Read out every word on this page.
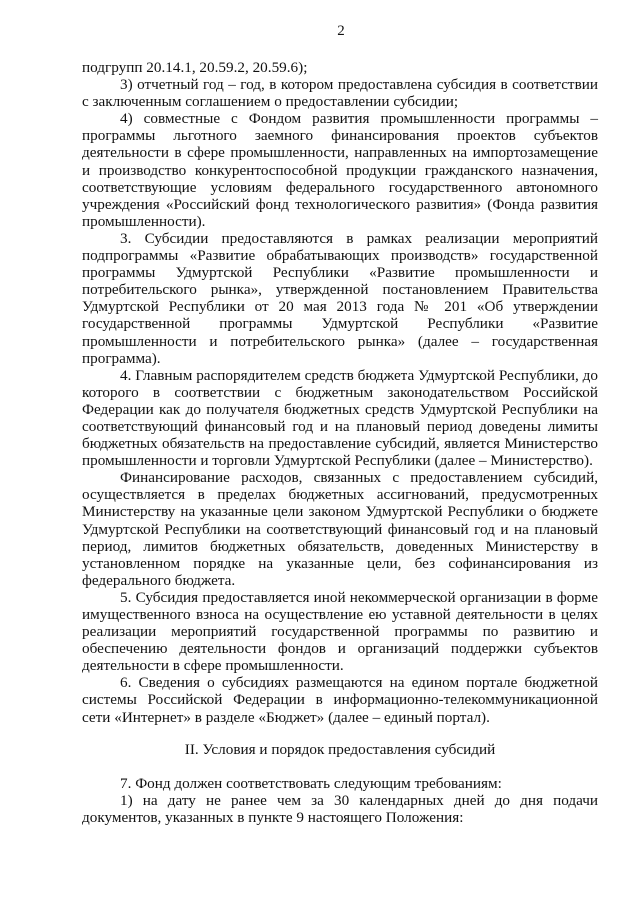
2

подгрупп 20.14.1, 20.59.2, 20.59.6);

3) отчетный год – год, в котором предоставлена субсидия в соответствии с заключенным соглашением о предоставлении субсидии;

4) совместные с Фондом развития промышленности программы – программы льготного заемного финансирования проектов субъектов деятельности в сфере промышленности, направленных на импортозамещение и производство конкурентоспособной продукции гражданского назначения, соответствующие условиям федерального государственного автономного учреждения «Российский фонд технологического развития» (Фонда развития промышленности).

3. Субсидии предоставляются в рамках реализации мероприятий подпрограммы «Развитие обрабатывающих производств» государственной программы Удмуртской Республики «Развитие промышленности и потребительского рынка», утвержденной постановлением Правительства Удмуртской Республики от 20 мая 2013 года № 201 «Об утверждении государственной программы Удмуртской Республики «Развитие промышленности и потребительского рынка» (далее – государственная программа).

4. Главным распорядителем средств бюджета Удмуртской Республики, до которого в соответствии с бюджетным законодательством Российской Федерации как до получателя бюджетных средств Удмуртской Республики на соответствующий финансовый год и на плановый период доведены лимиты бюджетных обязательств на предоставление субсидий, является Министерство промышленности и торговли Удмуртской Республики (далее – Министерство).

Финансирование расходов, связанных с предоставлением субсидий, осуществляется в пределах бюджетных ассигнований, предусмотренных Министерству на указанные цели законом Удмуртской Республики о бюджете Удмуртской Республики на соответствующий финансовый год и на плановый период, лимитов бюджетных обязательств, доведенных Министерству в установленном порядке на указанные цели, без софинансирования из федерального бюджета.

5. Субсидия предоставляется иной некоммерческой организации в форме имущественного взноса на осуществление ею уставной деятельности в целях реализации мероприятий государственной программы по развитию и обеспечению деятельности фондов и организаций поддержки субъектов деятельности в сфере промышленности.

6. Сведения о субсидиях размещаются на едином портале бюджетной системы Российской Федерации в информационно-телекоммуникационной сети «Интернет» в разделе «Бюджет» (далее – единый портал).

II. Условия и порядок предоставления субсидий

7. Фонд должен соответствовать следующим требованиям:

1) на дату не ранее чем за 30 календарных дней до дня подачи документов, указанных в пункте 9 настоящего Положения:
